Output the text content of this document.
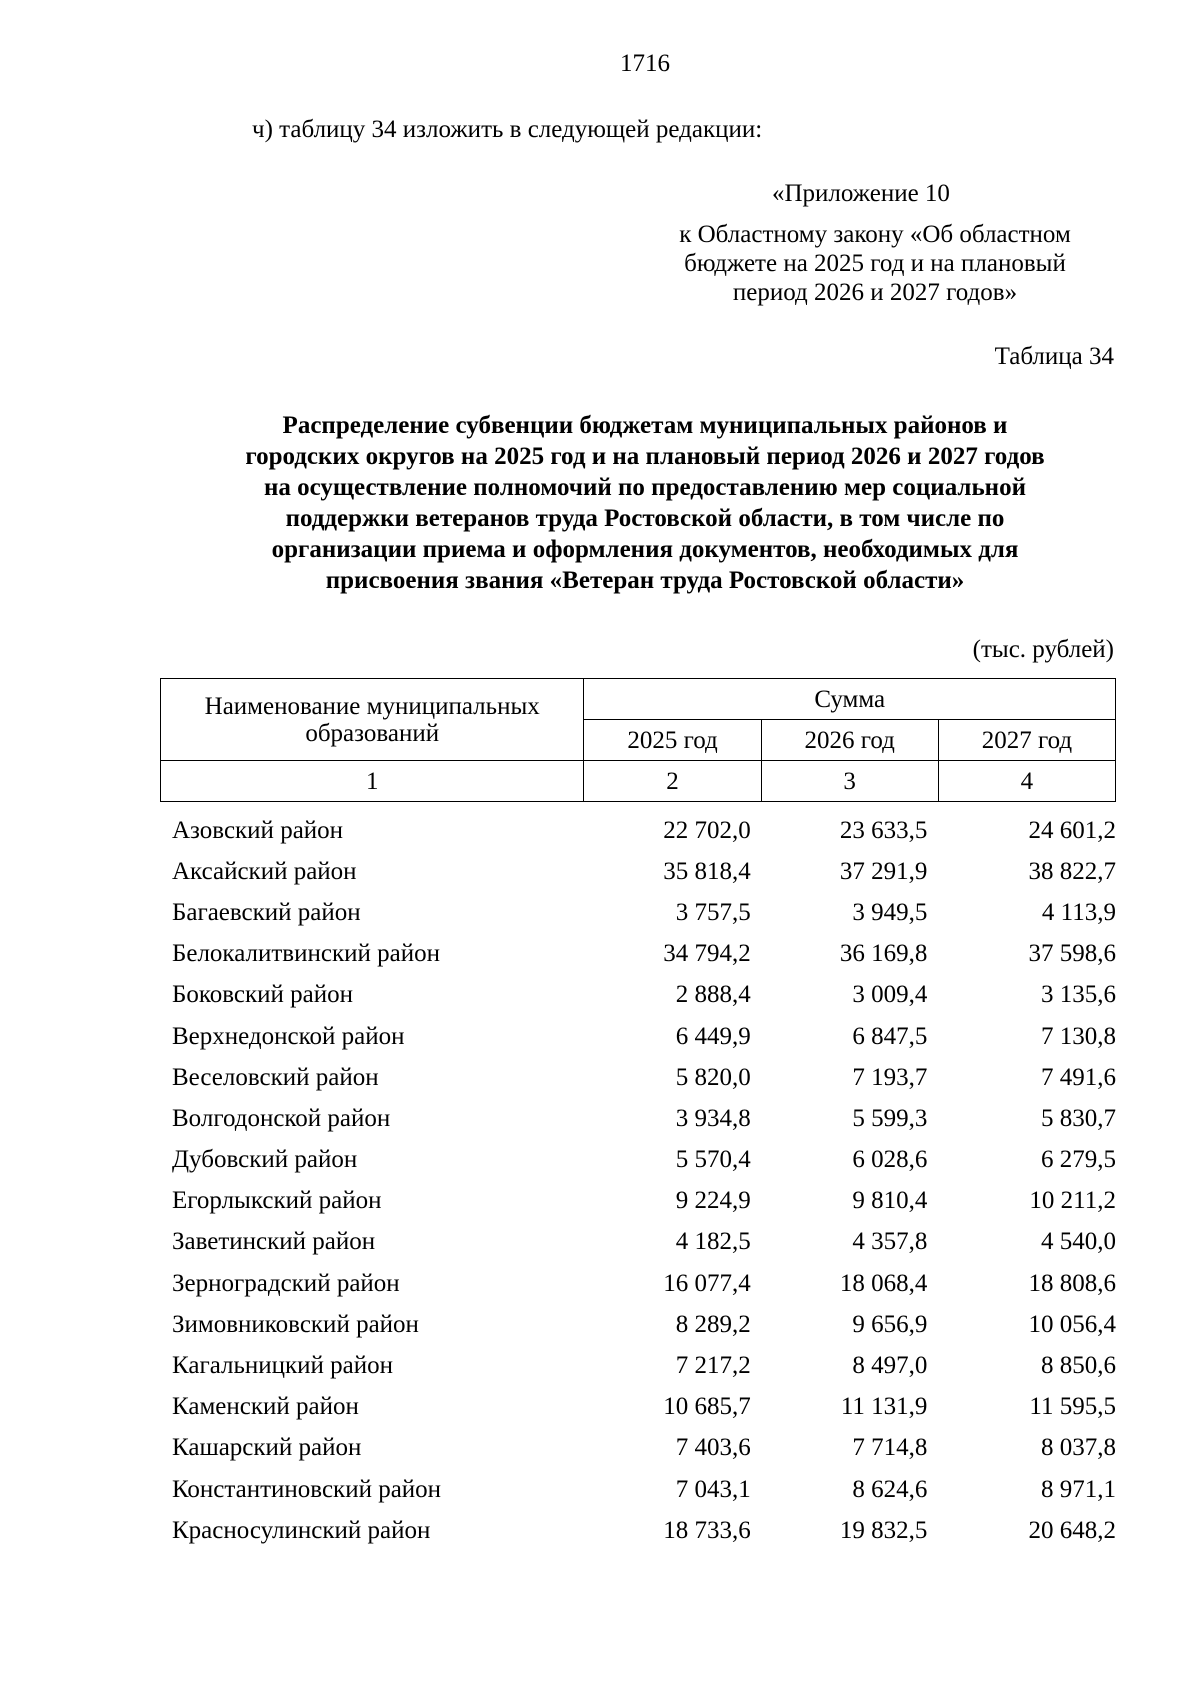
1716
ч) таблицу 34 изложить в следующей редакции:
«Приложение 10
к Областному закону «Об областном
бюджете на 2025 год и на плановый
период 2026 и 2027 годов»
Таблица 34
Распределение субвенции бюджетам муниципальных районов и
городских округов на 2025 год и на плановый период 2026 и 2027 годов
на осуществление полномочий по предоставлению мер социальной
поддержки ветеранов труда Ростовской области, в том числе по
организации приема и оформления документов, необходимых для
присвоения звания «Ветеран труда Ростовской области»
(тыс. рублей)
Наименование муниципальных
образований	Сумма		
	2025 год	2026 год	2027 год
1	2	3	4
Азовский район	22 702,0	23 633,5	24 601,2
Аксайский район	35 818,4	37 291,9	38 822,7
Багаевский район	3 757,5	3 949,5	4 113,9
Белокалитвинский район	34 794,2	36 169,8	37 598,6
Боковский район	2 888,4	3 009,4	3 135,6
Верхнедонской район	6 449,9	6 847,5	7 130,8
Веселовский район	5 820,0	7 193,7	7 491,6
Волгодонской район	3 934,8	5 599,3	5 830,7
Дубовский район	5 570,4	6 028,6	6 279,5
Егорлыкский район	9 224,9	9 810,4	10 211,2
Заветинский район	4 182,5	4 357,8	4 540,0
Зерноградский район	16 077,4	18 068,4	18 808,6
Зимовниковский район	8 289,2	9 656,9	10 056,4
Кагальницкий район	7 217,2	8 497,0	8 850,6
Каменский район	10 685,7	11 131,9	11 595,5
Кашарский район	7 403,6	7 714,8	8 037,8
Константиновский район	7 043,1	8 624,6	8 971,1
Красносулинский район	18 733,6	19 832,5	20 648,2
